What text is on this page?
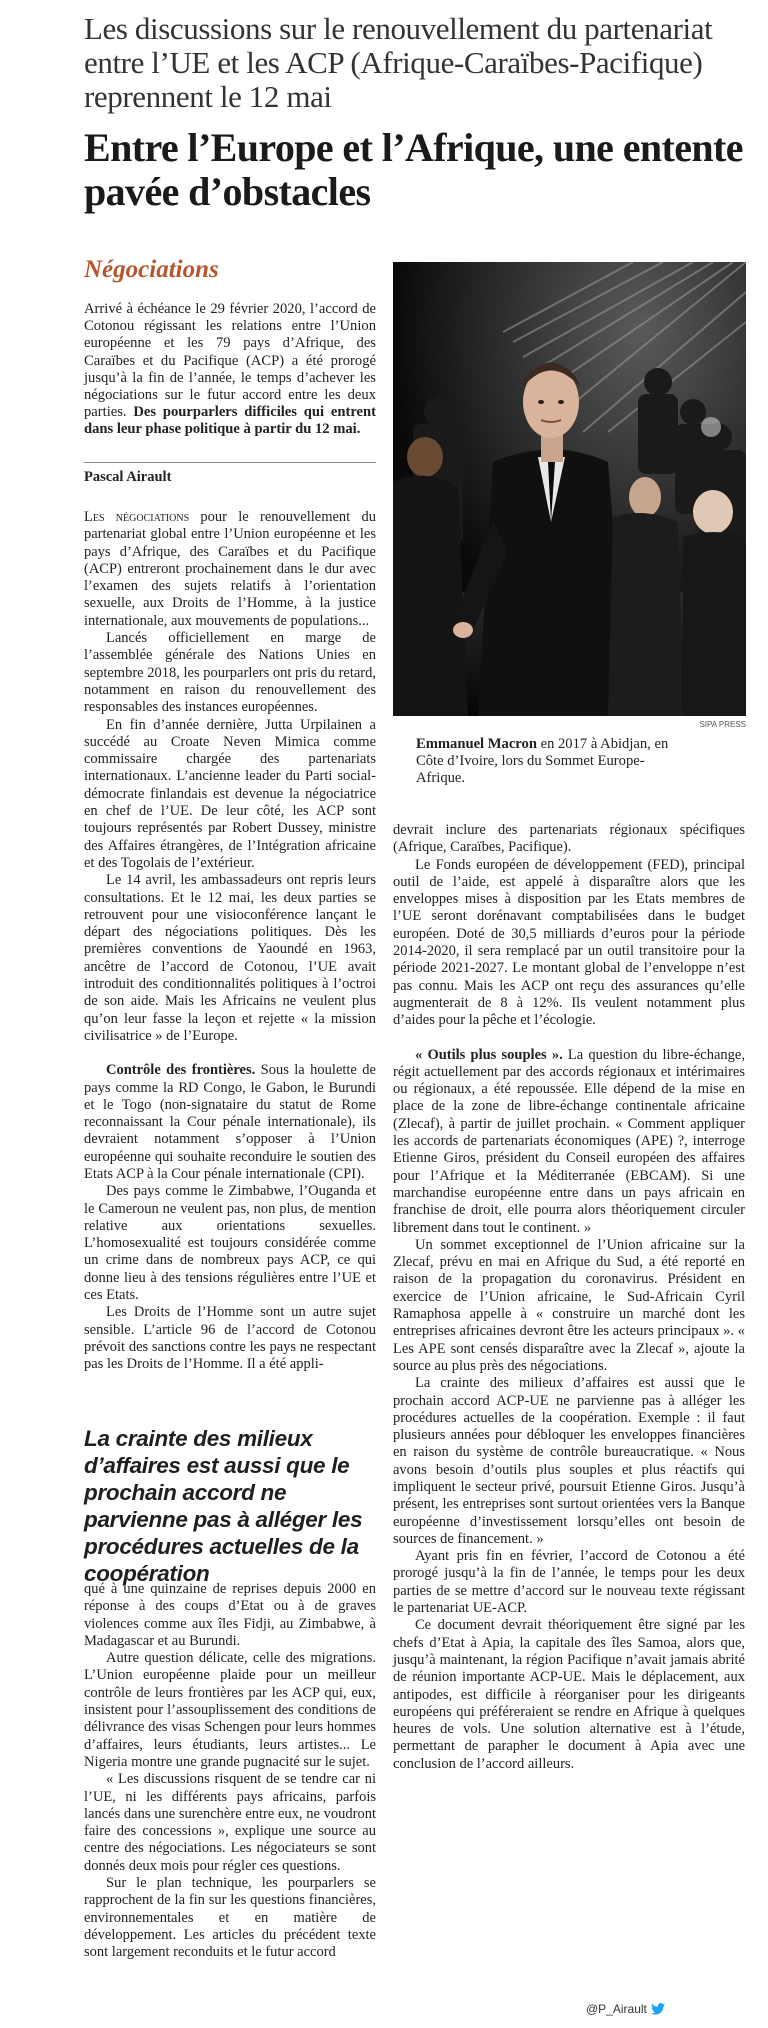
Les discussions sur le renouvellement du partenariat entre l’UE et les ACP (Afrique-Caraïbes-Pacifique) reprennent le 12 mai
Entre l’Europe et l’Afrique, une entente pavée d’obstacles
Négociations
Arrivé à échéance le 29 février 2020, l’accord de Cotonou régissant les relations entre l’Union européenne et les 79 pays d’Afrique, des Caraïbes et du Pacifique (ACP) a été prorogé jusqu’à la fin de l’année, le temps d’achever les négociations sur le futur accord entre les deux parties. Des pourparlers difficiles qui entrent dans leur phase politique à partir du 12 mai.
Pascal Airault
SIPA PRESS
Emmanuel Macron en 2017 à Abidjan, en Côte d’Ivoire, lors du Sommet Europe-Afrique.

Les négociations pour le renouvellement du partenariat global entre l’Union européenne et les pays d’Afrique, des Caraïbes et du Pacifique (ACP) entreront prochainement dans le dur avec l’examen des sujets relatifs à l’orientation sexuelle, aux Droits de l’Homme, à la justice internationale, aux mouvements de populations...

Lancés officiellement en marge de l’assemblée générale des Nations Unies en septembre 2018, les pourparlers ont pris du retard, notamment en raison du renouvellement des responsables des instances européennes.

En fin d’année dernière, Jutta Urpilainen a succédé au Croate Neven Mimica comme commissaire chargée des partenariats internationaux. L’ancienne leader du Parti social-démocrate finlandais est devenue la négociatrice en chef de l’UE. De leur côté, les ACP sont toujours représentés par Robert Dussey, ministre des Affaires étrangères, de l’Intégration africaine et des Togolais de l’extérieur.

Le 14 avril, les ambassadeurs ont repris leurs consultations. Et le 12 mai, les deux parties se retrouvent pour une visioconférence lançant le départ des négociations politiques. Dès les premières conventions de Yaoundé en 1963, ancêtre de l’accord de Cotonou, l’UE avait introduit des conditionnalités politiques à l’octroi de son aide. Mais les Africains ne veulent plus qu’on leur fasse la leçon et rejette « la mission civilisatrice » de l’Europe.

Contrôle des frontières. Sous la houlette de pays comme la RD Congo, le Gabon, le Burundi et le Togo (non-signataire du statut de Rome reconnaissant la Cour pénale internationale), ils devraient notamment s’opposer à l’Union européenne qui souhaite reconduire le soutien des Etats ACP à la Cour pénale internationale (CPI).

Des pays comme le Zimbabwe, l’Ouganda et le Cameroun ne veulent pas, non plus, de mention relative aux orientations sexuelles. L’homosexualité est toujours considérée comme un crime dans de nombreux pays ACP, ce qui donne lieu à des tensions régulières entre l’UE et ces Etats.

Les Droits de l’Homme sont un autre sujet sensible. L’article 96 de l’accord de Cotonou prévoit des sanctions contre les pays ne respectant pas les Droits de l’Homme. Il a été appli-

La crainte des milieux d’affaires est aussi que le prochain accord ne parvienne pas à alléger les procédures actuelles de la coopération

qué à une quinzaine de reprises depuis 2000 en réponse à des coups d’Etat ou à de graves violences comme aux îles Fidji, au Zimbabwe, à Madagascar et au Burundi.

Autre question délicate, celle des migrations. L’Union européenne plaide pour un meilleur contrôle de leurs frontières par les ACP qui, eux, insistent pour l’assouplissement des conditions de délivrance des visas Schengen pour leurs hommes d’affaires, leurs étudiants, leurs artistes... Le Nigeria montre une grande pugnacité sur le sujet.

« Les discussions risquent de se tendre car ni l’UE, ni les différents pays africains, parfois lancés dans une surenchère entre eux, ne voudront faire des concessions », explique une source au centre des négociations. Les négociateurs se sont donnés deux mois pour régler ces questions.

Sur le plan technique, les pourparlers se rapprochent de la fin sur les questions financières, environnementales et en matière de développement. Les articles du précédent texte sont largement reconduits et le futur accord

devrait inclure des partenariats régionaux spécifiques (Afrique, Caraïbes, Pacifique).

Le Fonds européen de développement (FED), principal outil de l’aide, est appelé à disparaître alors que les enveloppes mises à disposition par les Etats membres de l’UE seront dorénavant comptabilisées dans le budget européen. Doté de 30,5 milliards d’euros pour la période 2014-2020, il sera remplacé par un outil transitoire pour la période 2021-2027. Le montant global de l’enveloppe n’est pas connu. Mais les ACP ont reçu des assurances qu’elle augmenterait de 8 à 12%. Ils veulent notamment plus d’aides pour la pêche et l’écologie.

« Outils plus souples ». La question du libre-échange, régit actuellement par des accords régionaux et intérimaires ou régionaux, a été repoussée. Elle dépend de la mise en place de la zone de libre-échange continentale africaine (Zlecaf), à partir de juillet prochain. « Comment appliquer les accords de partenariats économiques (APE) ?, interroge Etienne Giros, président du Conseil européen des affaires pour l’Afrique et la Méditerranée (EBCAM). Si une marchandise européenne entre dans un pays africain en franchise de droit, elle pourra alors théoriquement circuler librement dans tout le continent. »

Un sommet exceptionnel de l’Union africaine sur la Zlecaf, prévu en mai en Afrique du Sud, a été reporté en raison de la propagation du coronavirus. Président en exercice de l’Union africaine, le Sud-Africain Cyril Ramaphosa appelle à « construire un marché dont les entreprises africaines devront être les acteurs principaux ». « Les APE sont censés disparaître avec la Zlecaf », ajoute la source au plus près des négociations.

La crainte des milieux d’affaires est aussi que le prochain accord ACP-UE ne parvienne pas à alléger les procédures actuelles de la coopération. Exemple : il faut plusieurs années pour débloquer les enveloppes financières en raison du système de contrôle bureaucratique. « Nous avons besoin d’outils plus souples et plus réactifs qui impliquent le secteur privé, poursuit Etienne Giros. Jusqu’à présent, les entreprises sont surtout orientées vers la Banque européenne d’investissement lorsqu’elles ont besoin de sources de financement. »

Ayant pris fin en février, l’accord de Cotonou a été prorogé jusqu’à la fin de l’année, le temps pour les deux parties de se mettre d’accord sur le nouveau texte régissant le partenariat UE-ACP.

Ce document devrait théoriquement être signé par les chefs d’Etat à Apia, la capitale des îles Samoa, alors que, jusqu’à maintenant, la région Pacifique n’avait jamais abrité de réunion importante ACP-UE. Mais le déplacement, aux antipodes, est difficile à réorganiser pour les dirigeants européens qui préféreraient se rendre en Afrique à quelques heures de vols. Une solution alternative est à l’étude, permettant de parapher le document à Apia avec une conclusion de l’accord ailleurs.

@P_Airault
